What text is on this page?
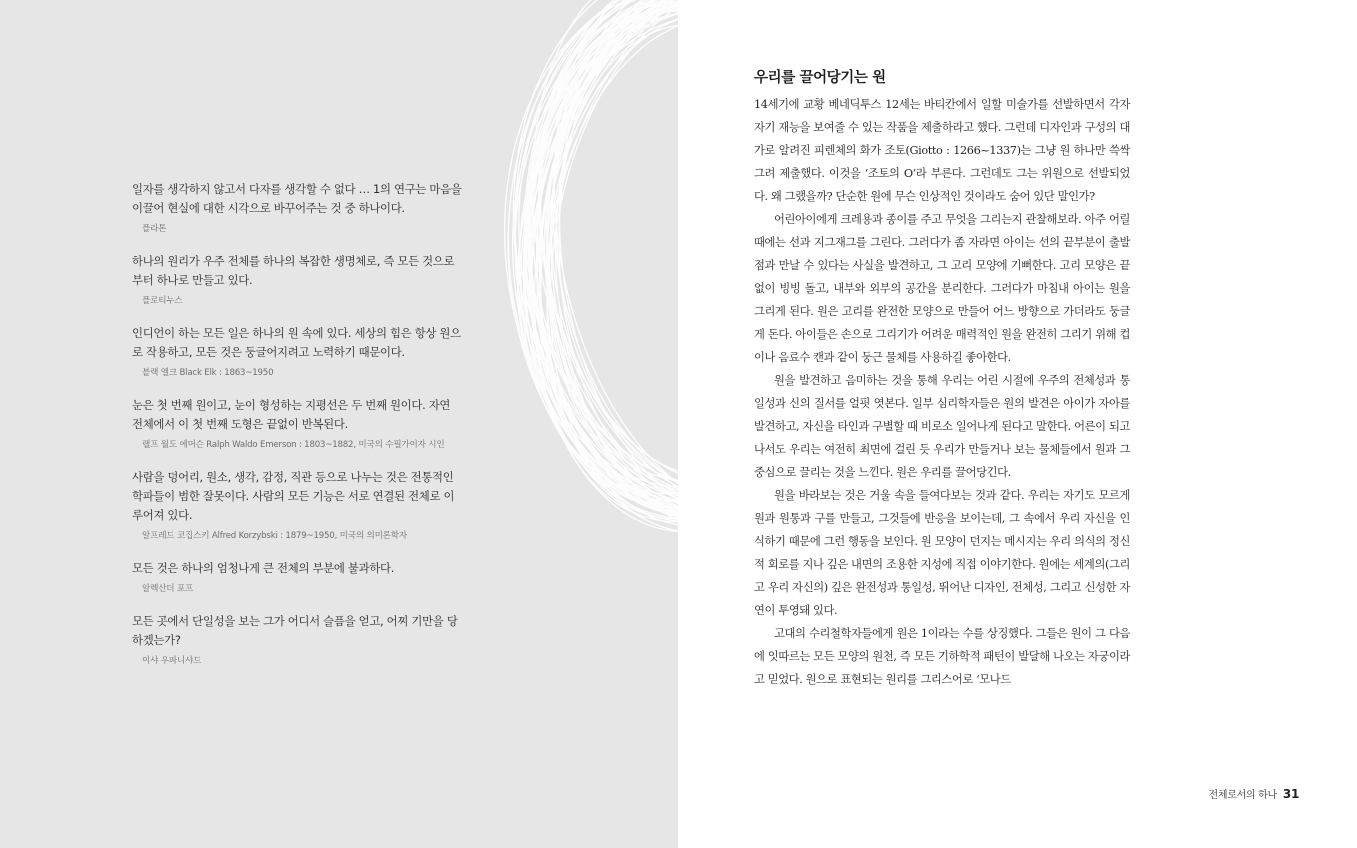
일자를 생각하지 않고서 다자를 생각할 수 없다 … 1의 연구는 마음을 이끌어 현실에 대한 시각으로 바꾸어주는 것 중 하나이다.
플라톤
하나의 원리가 우주 전체를 하나의 복잡한 생명체로, 즉 모든 것으로부터 하나로 만들고 있다.
플로티누스
인디언이 하는 모든 일은 하나의 원 속에 있다. 세상의 힘은 항상 원으로 작용하고, 모든 것은 둥글어지려고 노력하기 때문이다.
블랙 엘크 Black Elk : 1863~1950
눈은 첫 번째 원이고, 눈이 형성하는 지평선은 두 번째 원이다. 자연 전체에서 이 첫 번째 도형은 끝없이 반복된다.
랠프 월도 에머슨 Ralph Waldo Emerson : 1803~1882, 미국의 수필가이자 시인
사람을 덩어리, 원소, 생각, 감정, 직관 등으로 나누는 것은 전통적인 학파들이 범한 잘못이다. 사람의 모든 기능은 서로 연결된 전체로 이루어져 있다.
알프레드 코집스키 Alfred Korzybski : 1879~1950, 미국의 의미론학자
모든 것은 하나의 엄청나게 큰 전체의 부분에 불과하다.
알렉산더 포프
모든 곳에서 단일성을 보는 그가 어디서 슬픔을 얻고, 어찌 기만을 당하겠는가?
이샤 우파니샤드
우리를 끌어당기는 원

14세기에 교황 베네딕투스 12세는 바티칸에서 일할 미술가를 선발하면서 각자 자기 재능을 보여줄 수 있는 작품을 제출하라고 했다. 그런데 디자인과 구성의 대가로 알려진 피렌체의 화가 조토(Giotto : 1266~1337)는 그냥 원 하나만 쓱싹 그려 제출했다. 이것을 ‘조토의 O’라 부른다. 그런데도 그는 위원으로 선발되었다. 왜 그랬을까? 단순한 원에 무슨 인상적인 것이라도 숨어 있단 말인가?

어린아이에게 크레용과 종이를 주고 무엇을 그리는지 관찰해보라. 아주 어릴 때에는 선과 지그재그를 그린다. 그러다가 좀 자라면 아이는 선의 끝부분이 출발점과 만날 수 있다는 사실을 발견하고, 그 고리 모양에 기뻐한다. 고리 모양은 끝없이 빙빙 돌고, 내부와 외부의 공간을 분리한다. 그러다가 마침내 아이는 원을 그리게 된다. 원은 고리를 완전한 모양으로 만들어 어느 방향으로 가더라도 둥글게 돈다. 아이들은 손으로 그리기가 어려운 매력적인 원을 완전히 그리기 위해 컵이나 음료수 캔과 같이 둥근 물체를 사용하길 좋아한다.

원을 발견하고 음미하는 것을 통해 우리는 어린 시절에 우주의 전체성과 통일성과 신의 질서를 얼핏 엿본다. 일부 심리학자들은 원의 발견은 아이가 자아를 발견하고, 자신을 타인과 구별할 때 비로소 일어나게 된다고 말한다. 어른이 되고 나서도 우리는 여전히 최면에 걸린 듯 우리가 만들거나 보는 물체들에서 원과 그 중심으로 끌리는 것을 느낀다. 원은 우리를 끌어당긴다.

원을 바라보는 것은 거울 속을 들여다보는 것과 같다. 우리는 자기도 모르게 원과 원통과 구를 만들고, 그것들에 반응을 보이는데, 그 속에서 우리 자신을 인식하기 때문에 그런 행동을 보인다. 원 모양이 던지는 메시지는 우리 의식의 정신적 회로를 지나 깊은 내면의 조용한 지성에 직접 이야기한다. 원에는 세계의(그리고 우리 자신의) 깊은 완전성과 통일성, 뛰어난 디자인, 전체성, 그리고 신성한 자연이 투영돼 있다.

고대의 수리철학자들에게 원은 1이라는 수를 상징했다. 그들은 원이 그 다음에 잇따르는 모든 모양의 원천, 즉 모든 기하학적 패턴이 발달해 나오는 자궁이라고 믿었다. 원으로 표현되는 원리를 그리스어로 ‘모나드

전체로서의 하나 31
